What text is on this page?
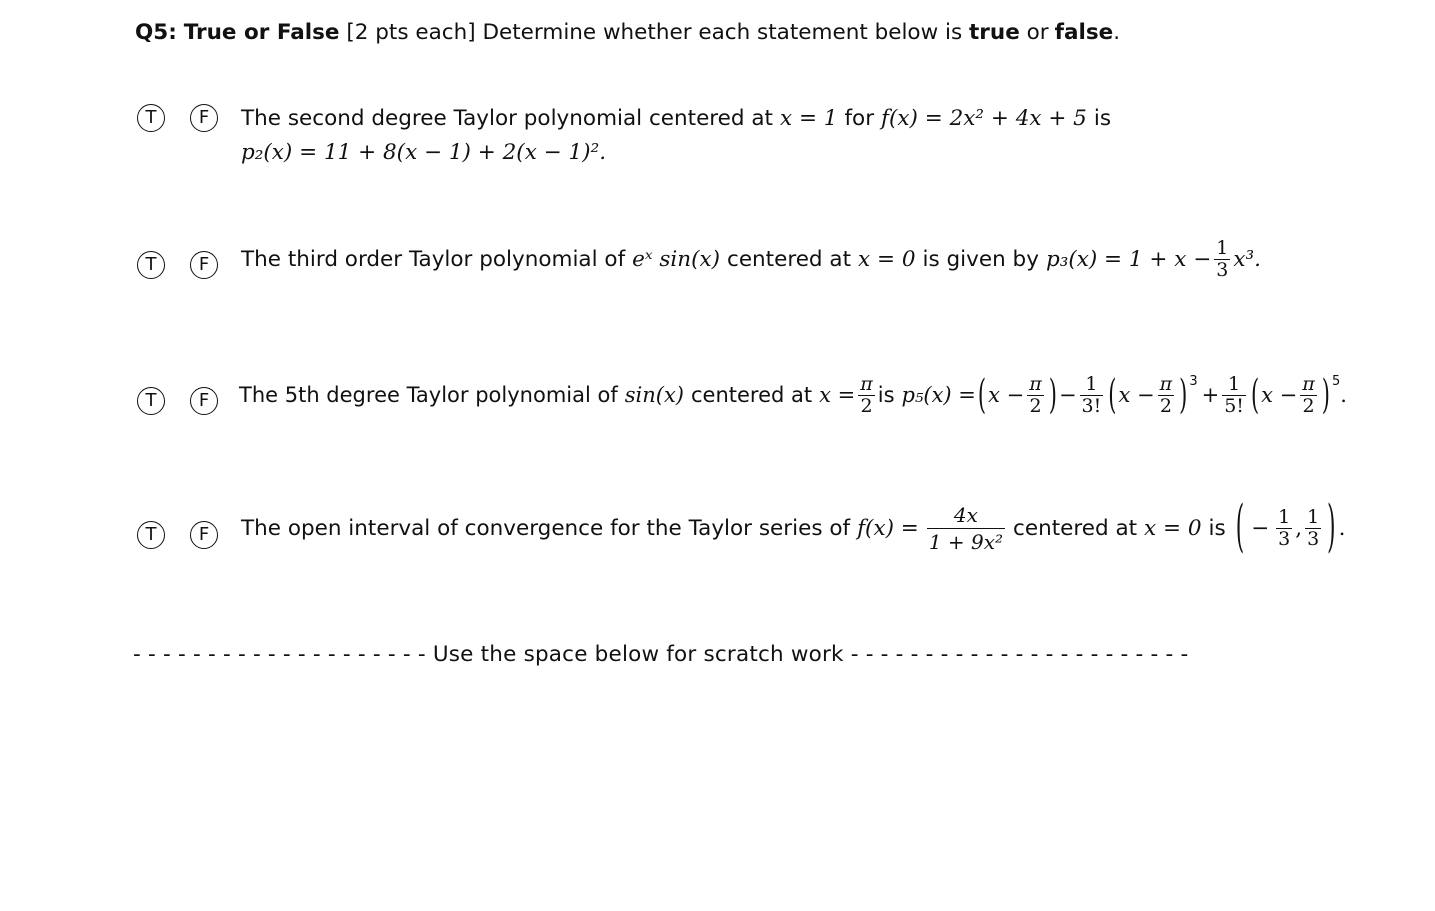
Q5: True or False [2 pts each] Determine whether each statement below is true or false.
T F The second degree Taylor polynomial centered at x = 1 for f(x) = 2x² + 4x + 5 is
p₂(x) = 11 + 8(x − 1) + 2(x − 1)².
T F The third order Taylor polynomial of eˣ sin(x) centered at x = 0 is given by $p_3(x) = 1 + x - \frac{1}{3} x^3$.
T F The 5th degree Taylor polynomial of sin(x) centered at $x = \frac{\pi}{2}$ is p₅(x) = ( $x - \frac{\pi}{2}$ ) − $\frac{1}{3!}$ ( $x - \frac{\pi}{2} )^3$
+ $\frac{1}{5!}$ ( $x - \frac{\pi}{2} )^5$
.
T F The open interval of convergence for the Taylor series of $f(x) = \frac{4x}{\text{1 + 9x²}}$ centered at x = 0 is ( − $\frac{1}{3}$ , $\frac{1}{3}$ ) .
- - - - - - - - - - - - - - - - - - - - Use the space below for scratch work - - - - - - - - - - - - - - - - - - - - - - -
